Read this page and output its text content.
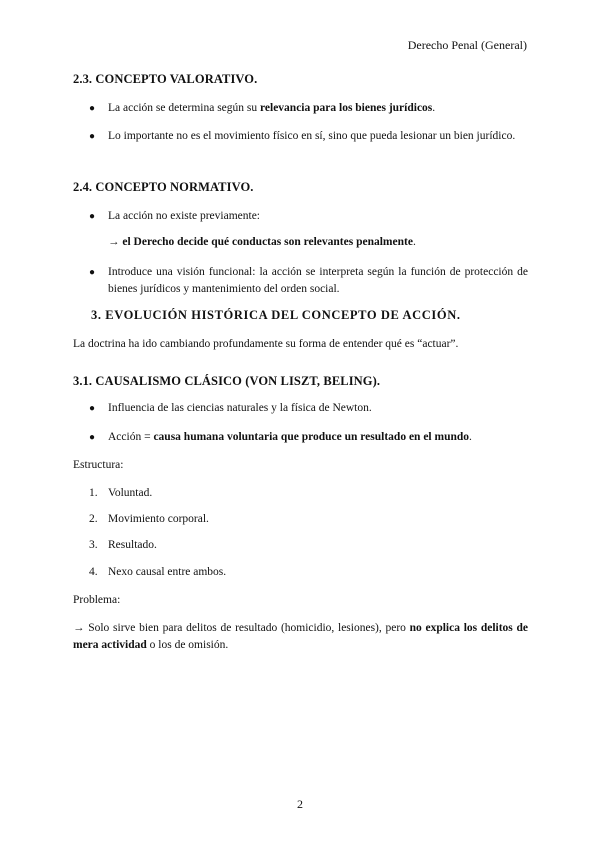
Derecho Penal (General)
2.3. CONCEPTO VALORATIVO.
● La acción se determina según su relevancia para los bienes jurídicos.
● Lo importante no es el movimiento físico en sí, sino que pueda lesionar un bien jurídico.
2.4. CONCEPTO NORMATIVO.
● La acción no existe previamente:
→ el Derecho decide qué conductas son relevantes penalmente.
● Introduce una visión funcional: la acción se interpreta según la función de protección de bienes jurídicos y mantenimiento del orden social.
3. EVOLUCIÓN HISTÓRICA DEL CONCEPTO DE ACCIÓN.
La doctrina ha ido cambiando profundamente su forma de entender qué es “actuar”.
3.1. CAUSALISMO CLÁSICO (VON LISZT, BELING).
● Influencia de las ciencias naturales y la física de Newton.
● Acción = causa humana voluntaria que produce un resultado en el mundo.
Estructura:
1. Voluntad.
2. Movimiento corporal.
3. Resultado.
4. Nexo causal entre ambos.
Problema:
→ Solo sirve bien para delitos de resultado (homicidio, lesiones), pero no explica los delitos de mera actividad o los de omisión.
2
